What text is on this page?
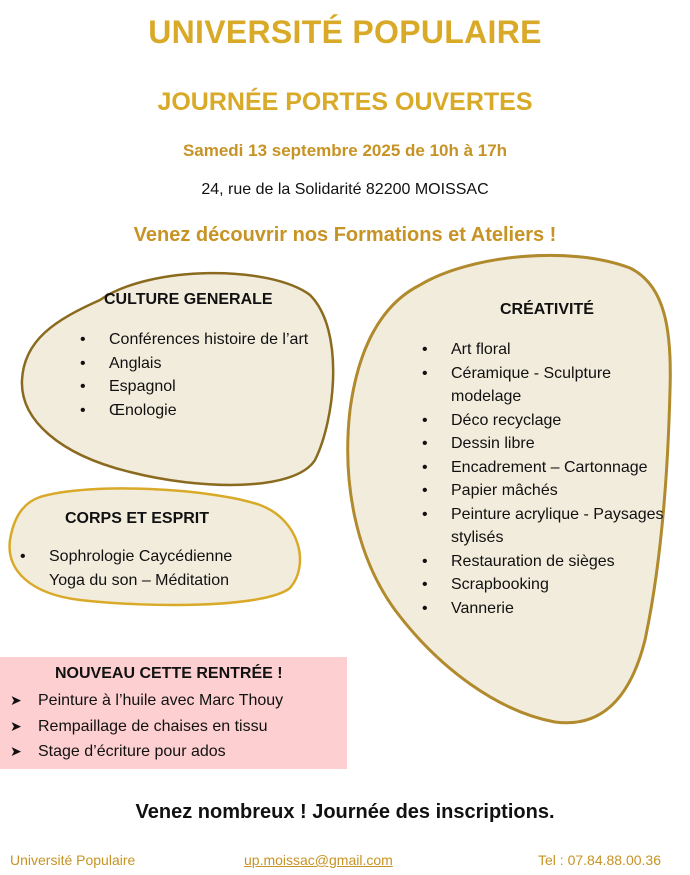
UNIVERSITÉ POPULAIRE
JOURNÉE PORTES OUVERTES
Samedi 13 septembre 2025 de 10h à 17h
24, rue de la Solidarité 82200 MOISSAC
Venez découvrir nos Formations et Ateliers !
CULTURE GENERALE
• Conférences histoire de l’art
• Anglais
• Espagnol
• Œnologie
CRÉATIVITÉ
• Art floral
• Céramique - Sculpture modelage
• Déco recyclage
• Dessin libre
• Encadrement – Cartonnage
• Papier mâchés
• Peinture acrylique - Paysages stylisés
• Restauration de sièges
• Scrapbooking
• Vannerie
CORPS ET ESPRIT
• Sophrologie Caycédienne
Yoga du son – Méditation
NOUVEAU CETTE RENTRÉE !
➤ Peinture à l’huile avec Marc Thouy
➤ Rempaillage de chaises en tissu
➤ Stage d’écriture pour ados
Venez nombreux ! Journée des inscriptions.
Université Populaire	up.moissac@gmail.com	Tel : 07.84.88.00.36
